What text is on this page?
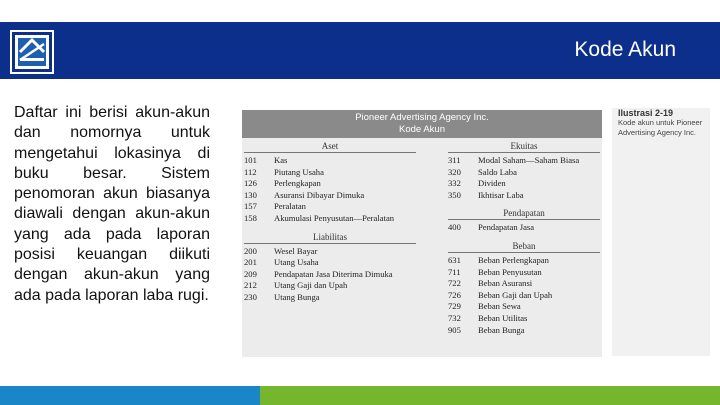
Kode Akun
Daftar ini berisi akun-akun dan nomornya untuk mengetahui lokasinya di buku besar. Sistem penomoran akun biasanya diawali dengan akun-akun yang ada pada laporan posisi keuangan diikuti dengan akun-akun yang ada pada laporan laba rugi.
Pioneer Advertising Agency Inc.
Kode Akun
Aset
101 Kas
112 Piutang Usaha
126 Perlengkapan
130 Asuransi Dibayar Dimuka
157 Peralatan
158 Akumulasi Penyusutan—Peralatan
Liabilitas
200 Wesel Bayar
201 Utang Usaha
209 Pendapatan Jasa Diterima Dimuka
212 Utang Gaji dan Upah
230 Utang Bunga
Ekuitas
311 Modal Saham—Saham Biasa
320 Saldo Laba
332 Dividen
350 Ikhtisar Laba
Pendapatan
400 Pendapatan Jasa
Beban
631 Beban Perlengkapan
711 Beban Penyusutan
722 Beban Asuransi
726 Beban Gaji dan Upah
729 Beban Sewa
732 Beban Utilitas
905 Beban Bunga
Ilustrasi 2-19
Kode akun untuk Pioneer Advertising Agency Inc.
